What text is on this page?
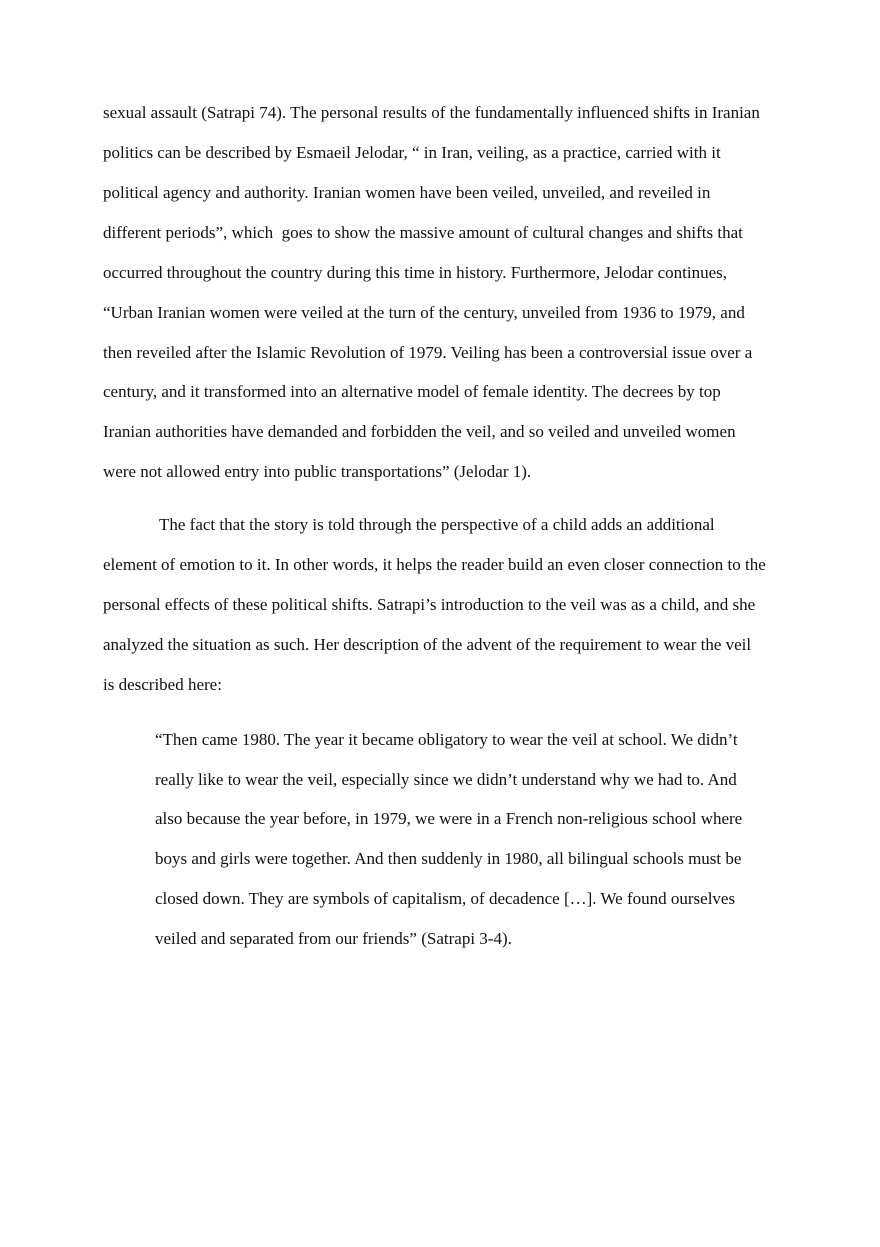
sexual assault (Satrapi 74). The personal results of the fundamentally influenced shifts in Iranian
politics can be described by Esmaeil Jelodar, “ in Iran, veiling, as a practice, carried with it
political agency and authority. Iranian women have been veiled, unveiled, and reveiled in
different periods”, which  goes to show the massive amount of cultural changes and shifts that
occurred throughout the country during this time in history. Furthermore, Jelodar continues,
“Urban Iranian women were veiled at the turn of the century, unveiled from 1936 to 1979, and
then reveiled after the Islamic Revolution of 1979. Veiling has been a controversial issue over a
century, and it transformed into an alternative model of female identity. The decrees by top
Iranian authorities have demanded and forbidden the veil, and so veiled and unveiled women
were not allowed entry into public transportations” (Jelodar 1).
The fact that the story is told through the perspective of a child adds an additional
element of emotion to it. In other words, it helps the reader build an even closer connection to the
personal effects of these political shifts. Satrapi’s introduction to the veil was as a child, and she
analyzed the situation as such. Her description of the advent of the requirement to wear the veil
is described here:
“Then came 1980. The year it became obligatory to wear the veil at school. We didn’t
really like to wear the veil, especially since we didn’t understand why we had to. And
also because the year before, in 1979, we were in a French non-religious school where
boys and girls were together. And then suddenly in 1980, all bilingual schools must be
closed down. They are symbols of capitalism, of decadence […]. We found ourselves
veiled and separated from our friends” (Satrapi 3-4).
